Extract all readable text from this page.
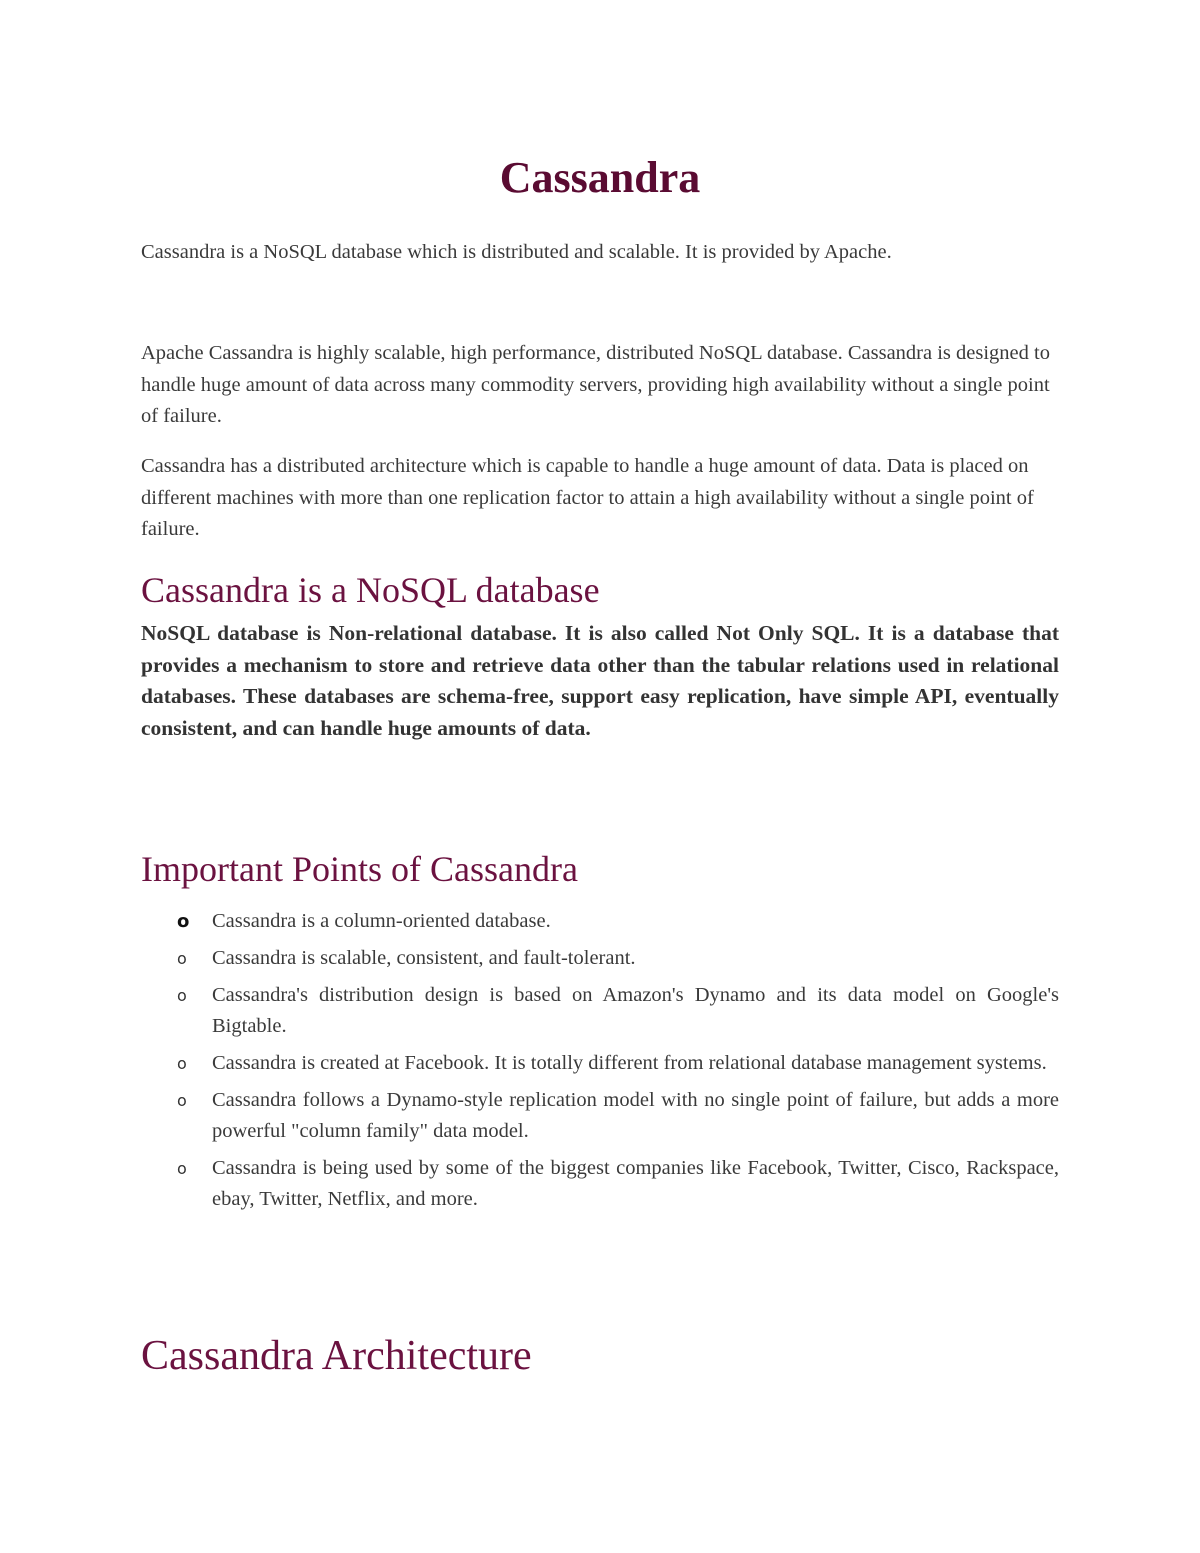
Cassandra

Cassandra is a NoSQL database which is distributed and scalable. It is provided by Apache.

Apache Cassandra is highly scalable, high performance, distributed NoSQL database. Cassandra is designed to handle huge amount of data across many commodity servers, providing high availability without a single point of failure.

Cassandra has a distributed architecture which is capable to handle a huge amount of data. Data is placed on different machines with more than one replication factor to attain a high availability without a single point of failure.

Cassandra is a NoSQL database

NoSQL database is Non-relational database. It is also called Not Only SQL. It is a database that provides a mechanism to store and retrieve data other than the tabular relations used in relational databases. These databases are schema-free, support easy replication, have simple API, eventually consistent, and can handle huge amounts of data.

Important Points of Cassandra
o Cassandra is a column-oriented database.
o	Cassandra is scalable, consistent, and fault-tolerant.
o	Cassandra's distribution design is based on Amazon's Dynamo and its data model on Google's Bigtable.
o	Cassandra is created at Facebook. It is totally different from relational database management systems.
o	Cassandra follows a Dynamo-style replication model with no single point of failure, but adds a more powerful "column family" data model.
o	Cassandra is being used by some of the biggest companies like Facebook, Twitter, Cisco, Rackspace, ebay, Twitter, Netflix, and more.
Cassandra Architecture
